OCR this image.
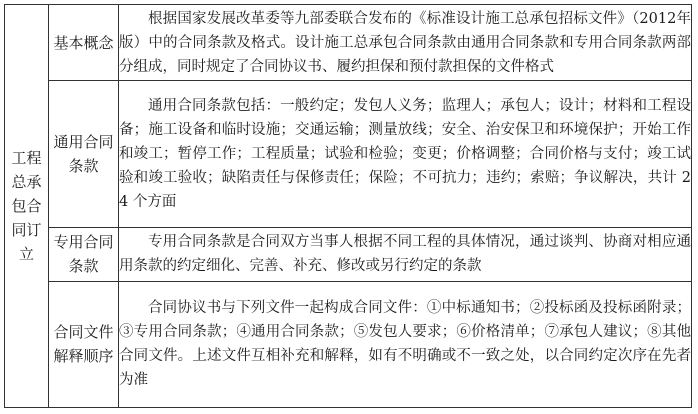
工程总承包合同订立	基本概念	根据国家发展改革委等九部委联合发布的《标准设计施工总承包招标文件》（2012年版）中的合同条款及格式。设计施工总承包合同条款由通用合同条款和专用合同条款两部分组成，同时规定了合同协议书、履约担保和预付款担保的文件格式
	通用合同条款	通用合同条款包括：一般约定；发包人义务；监理人；承包人；设计；材料和工程设备；施工设备和临时设施；交通运输；测量放线；安全、治安保卫和环境保护；开始工作和竣工；暂停工作；工程质量；试验和检验；变更；价格调整；合同价格与支付；竣工试验和竣工验收；缺陷责任与保修责任；保险；不可抗力；违约；索赔；争议解决，共计 24 个方面
	专用合同条款	专用合同条款是合同双方当事人根据不同工程的具体情况，通过谈判、协商对相应通用条款的约定细化、完善、补充、修改或另行约定的条款
	合同文件解释顺序	合同协议书与下列文件一起构成合同文件：①中标通知书；②投标函及投标函附录；③专用合同条款；④通用合同条款；⑤发包人要求；⑥价格清单；⑦承包人建议；⑧其他合同文件。上述文件互相补充和解释，如有不明确或不一致之处，以合同约定次序在先者为准
